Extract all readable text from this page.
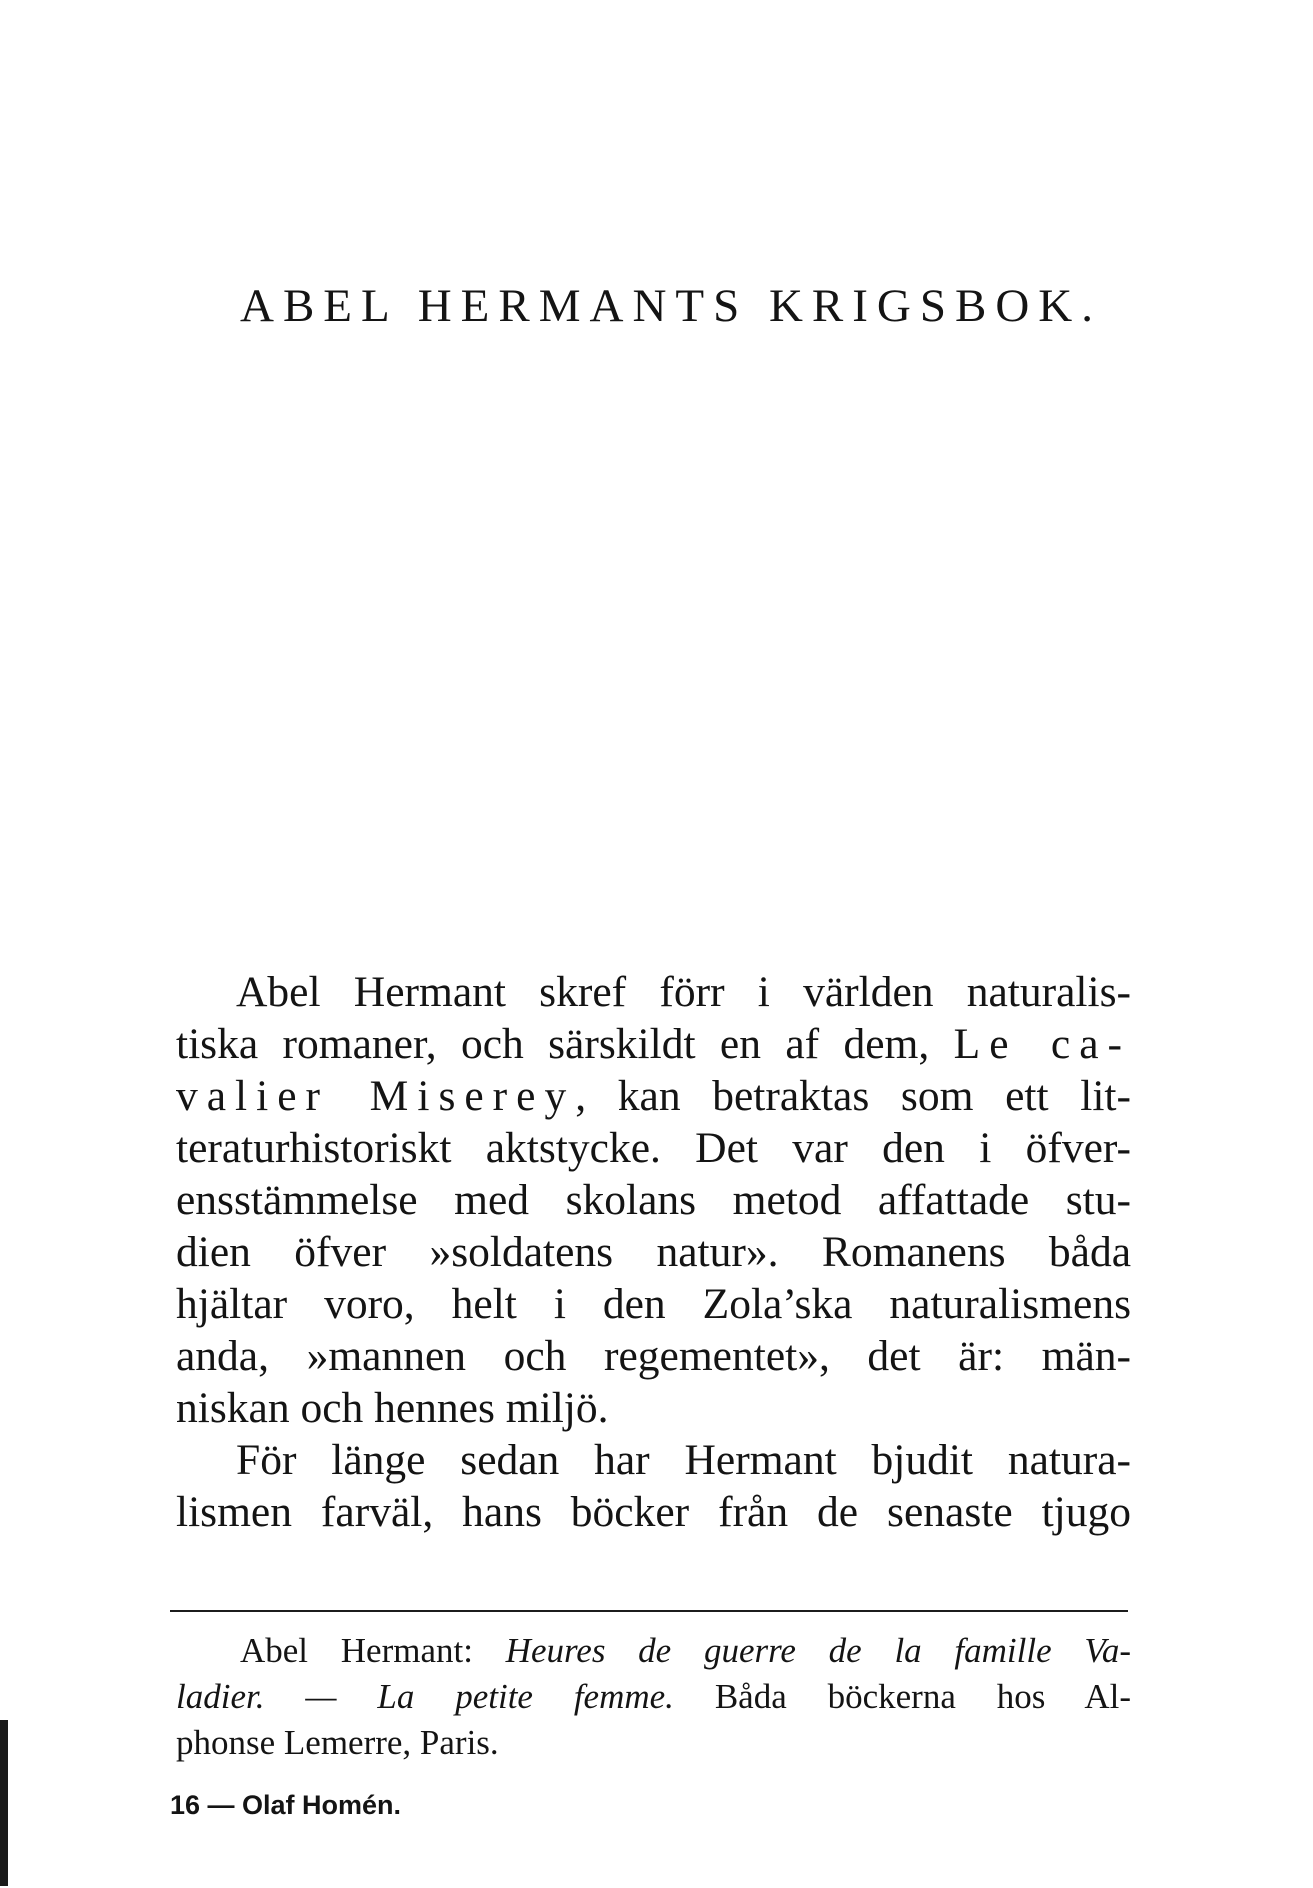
ABEL HERMANTS KRIGSBOK.
Abel Hermant skref förr i världen naturalis-
tiska romaner, och särskildt en af dem, Le ca-
valier Miserey, kan betraktas som ett lit-
teraturhistoriskt aktstycke. Det var den i öfver-
ensstämmelse med skolans metod affattade stu-
dien öfver »soldatens natur». Romanens båda
hjältar voro, helt i den Zola’ska naturalismens
anda, »mannen och regementet», det är: män-
niskan och hennes miljö.
För länge sedan har Hermant bjudit natura-
lismen farväl, hans böcker från de senaste tjugo
Abel Hermant: Heures de guerre de la famille Va-
ladier. — La petite femme. Båda böckerna hos Al-
phonse Lemerre, Paris.
16 — Olaf Homén.
